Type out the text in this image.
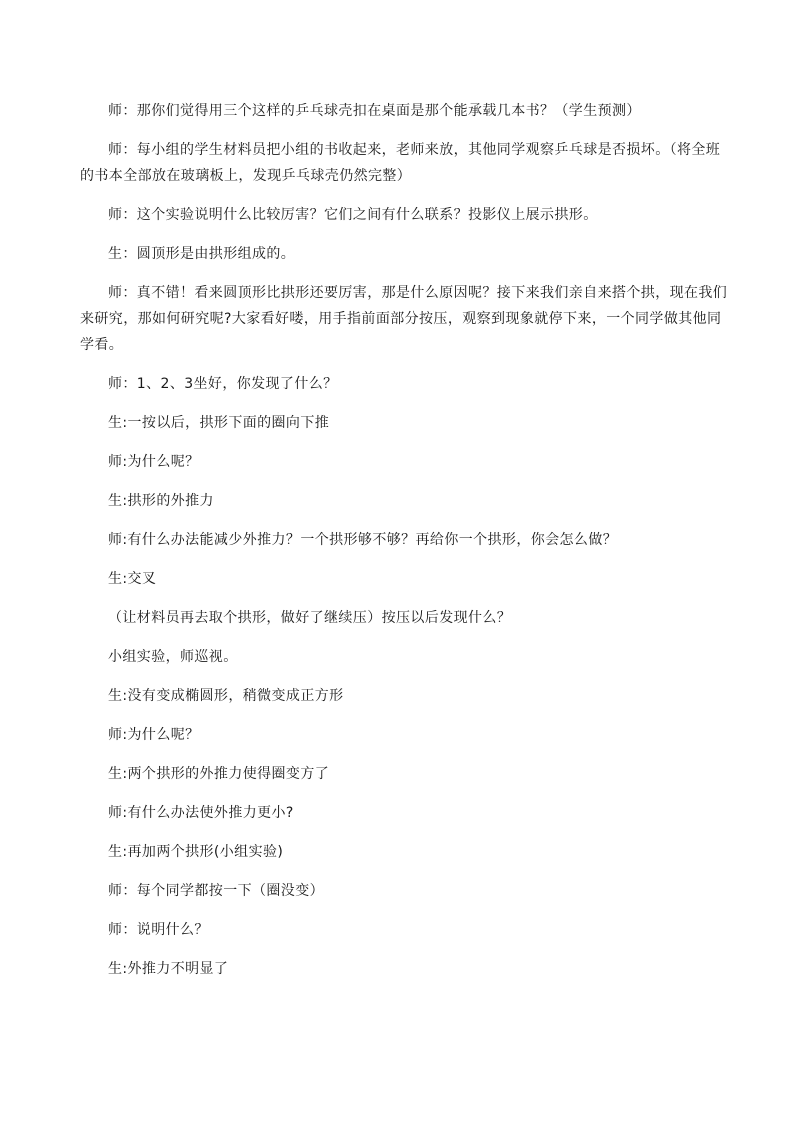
师：那你们觉得用三个这样的乒乓球壳扣在桌面是那个能承载几本书？（学生预测）

师：每小组的学生材料员把小组的书收起来，老师来放，其他同学观察乒乓球是否损坏。（将全班的书本全部放在玻璃板上，发现乒乓球壳仍然完整）

师：这个实验说明什么比较厉害？它们之间有什么联系？投影仪上展示拱形。

生：圆顶形是由拱形组成的。

师：真不错！看来圆顶形比拱形还要厉害，那是什么原因呢？接下来我们亲自来搭个拱，现在我们来研究，那如何研究呢?大家看好喽，用手指前面部分按压，观察到现象就停下来，一个同学做其他同学看。

师：1、2、3坐好，你发现了什么？

生:一按以后，拱形下面的圈向下推

师:为什么呢？

生:拱形的外推力

师:有什么办法能减少外推力？一个拱形够不够？再给你一个拱形，你会怎么做？

生:交叉

（让材料员再去取个拱形，做好了继续压）按压以后发现什么？

小组实验，师巡视。

生:没有变成椭圆形，稍微变成正方形

师:为什么呢？

生:两个拱形的外推力使得圈变方了

师:有什么办法使外推力更小?

生:再加两个拱形(小组实验)

师：每个同学都按一下（圈没变）

师：说明什么？

生:外推力不明显了
